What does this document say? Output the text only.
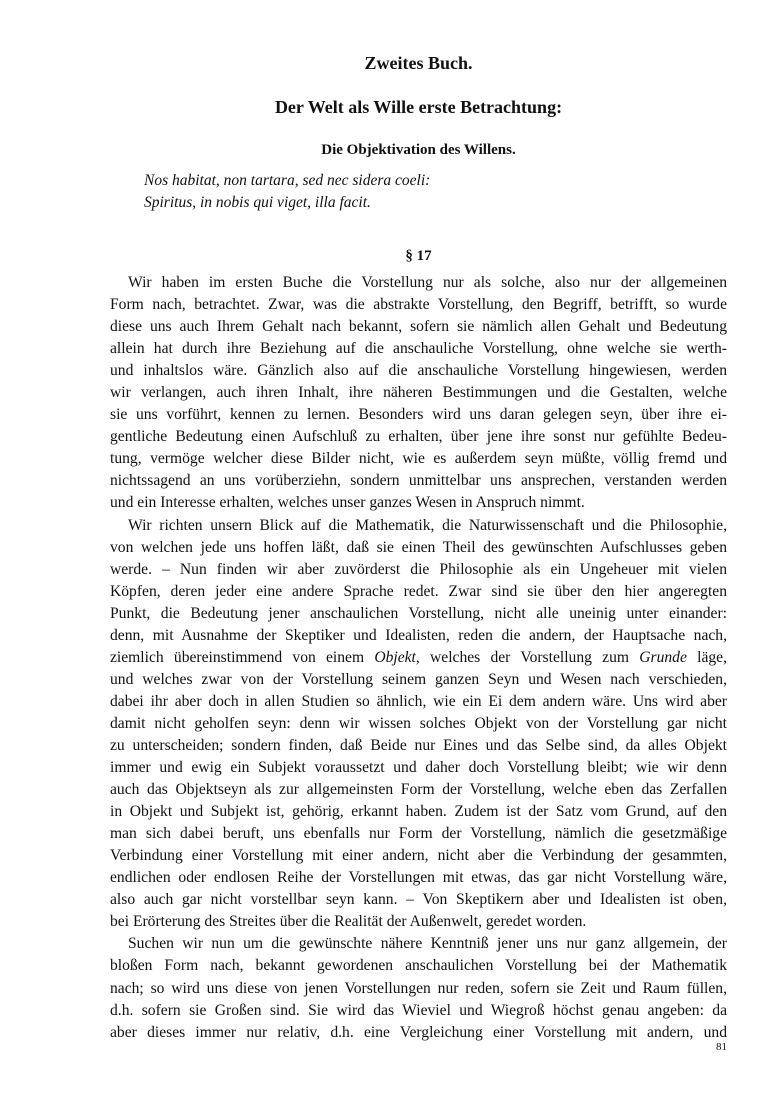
Zweites Buch.
Der Welt als Wille erste Betrachtung:
Die Objektivation des Willens.
Nos habitat, non tartara, sed nec sidera coeli:
Spiritus, in nobis qui viget, illa facit.
§ 17
Wir haben im ersten Buche die Vorstellung nur als solche, also nur der allgemeinen
Form nach, betrachtet. Zwar, was die abstrakte Vorstellung, den Begriff, betrifft, so wurde
diese uns auch Ihrem Gehalt nach bekannt, sofern sie nämlich allen Gehalt und Bedeutung
allein hat durch ihre Beziehung auf die anschauliche Vorstellung, ohne welche sie werth-
und inhaltslos wäre. Gänzlich also auf die anschauliche Vorstellung hingewiesen, werden
wir verlangen, auch ihren Inhalt, ihre näheren Bestimmungen und die Gestalten, welche
sie uns vorführt, kennen zu lernen. Besonders wird uns daran gelegen seyn, über ihre ei-
gentliche Bedeutung einen Aufschluß zu erhalten, über jene ihre sonst nur gefühlte Bedeu-
tung, vermöge welcher diese Bilder nicht, wie es außerdem seyn müßte, völlig fremd und
nichtssagend an uns vorüberziehn, sondern unmittelbar uns ansprechen, verstanden werden
und ein Interesse erhalten, welches unser ganzes Wesen in Anspruch nimmt.
Wir richten unsern Blick auf die Mathematik, die Naturwissenschaft und die Philosophie,
von welchen jede uns hoffen läßt, daß sie einen Theil des gewünschten Aufschlusses geben
werde. – Nun finden wir aber zuvörderst die Philosophie als ein Ungeheuer mit vielen
Köpfen, deren jeder eine andere Sprache redet. Zwar sind sie über den hier angeregten
Punkt, die Bedeutung jener anschaulichen Vorstellung, nicht alle uneinig unter einander:
denn, mit Ausnahme der Skeptiker und Idealisten, reden die andern, der Hauptsache nach,
ziemlich übereinstimmend von einem Objekt, welches der Vorstellung zum Grunde läge,
und welches zwar von der Vorstellung seinem ganzen Seyn und Wesen nach verschieden,
dabei ihr aber doch in allen Studien so ähnlich, wie ein Ei dem andern wäre. Uns wird aber
damit nicht geholfen seyn: denn wir wissen solches Objekt von der Vorstellung gar nicht
zu unterscheiden; sondern finden, daß Beide nur Eines und das Selbe sind, da alles Objekt
immer und ewig ein Subjekt voraussetzt und daher doch Vorstellung bleibt; wie wir denn
auch das Objektseyn als zur allgemeinsten Form der Vorstellung, welche eben das Zerfallen
in Objekt und Subjekt ist, gehörig, erkannt haben. Zudem ist der Satz vom Grund, auf den
man sich dabei beruft, uns ebenfalls nur Form der Vorstellung, nämlich die gesetzmäßige
Verbindung einer Vorstellung mit einer andern, nicht aber die Verbindung der gesammten,
endlichen oder endlosen Reihe der Vorstellungen mit etwas, das gar nicht Vorstellung wäre,
also auch gar nicht vorstellbar seyn kann. – Von Skeptikern aber und Idealisten ist oben,
bei Erörterung des Streites über die Realität der Außenwelt, geredet worden.
Suchen wir nun um die gewünschte nähere Kenntniß jener uns nur ganz allgemein, der
bloßen Form nach, bekannt gewordenen anschaulichen Vorstellung bei der Mathematik
nach; so wird uns diese von jenen Vorstellungen nur reden, sofern sie Zeit und Raum füllen,
d.h. sofern sie Großen sind. Sie wird das Wieviel und Wiegroß höchst genau angeben: da
aber dieses immer nur relativ, d.h. eine Vergleichung einer Vorstellung mit andern, und
81
